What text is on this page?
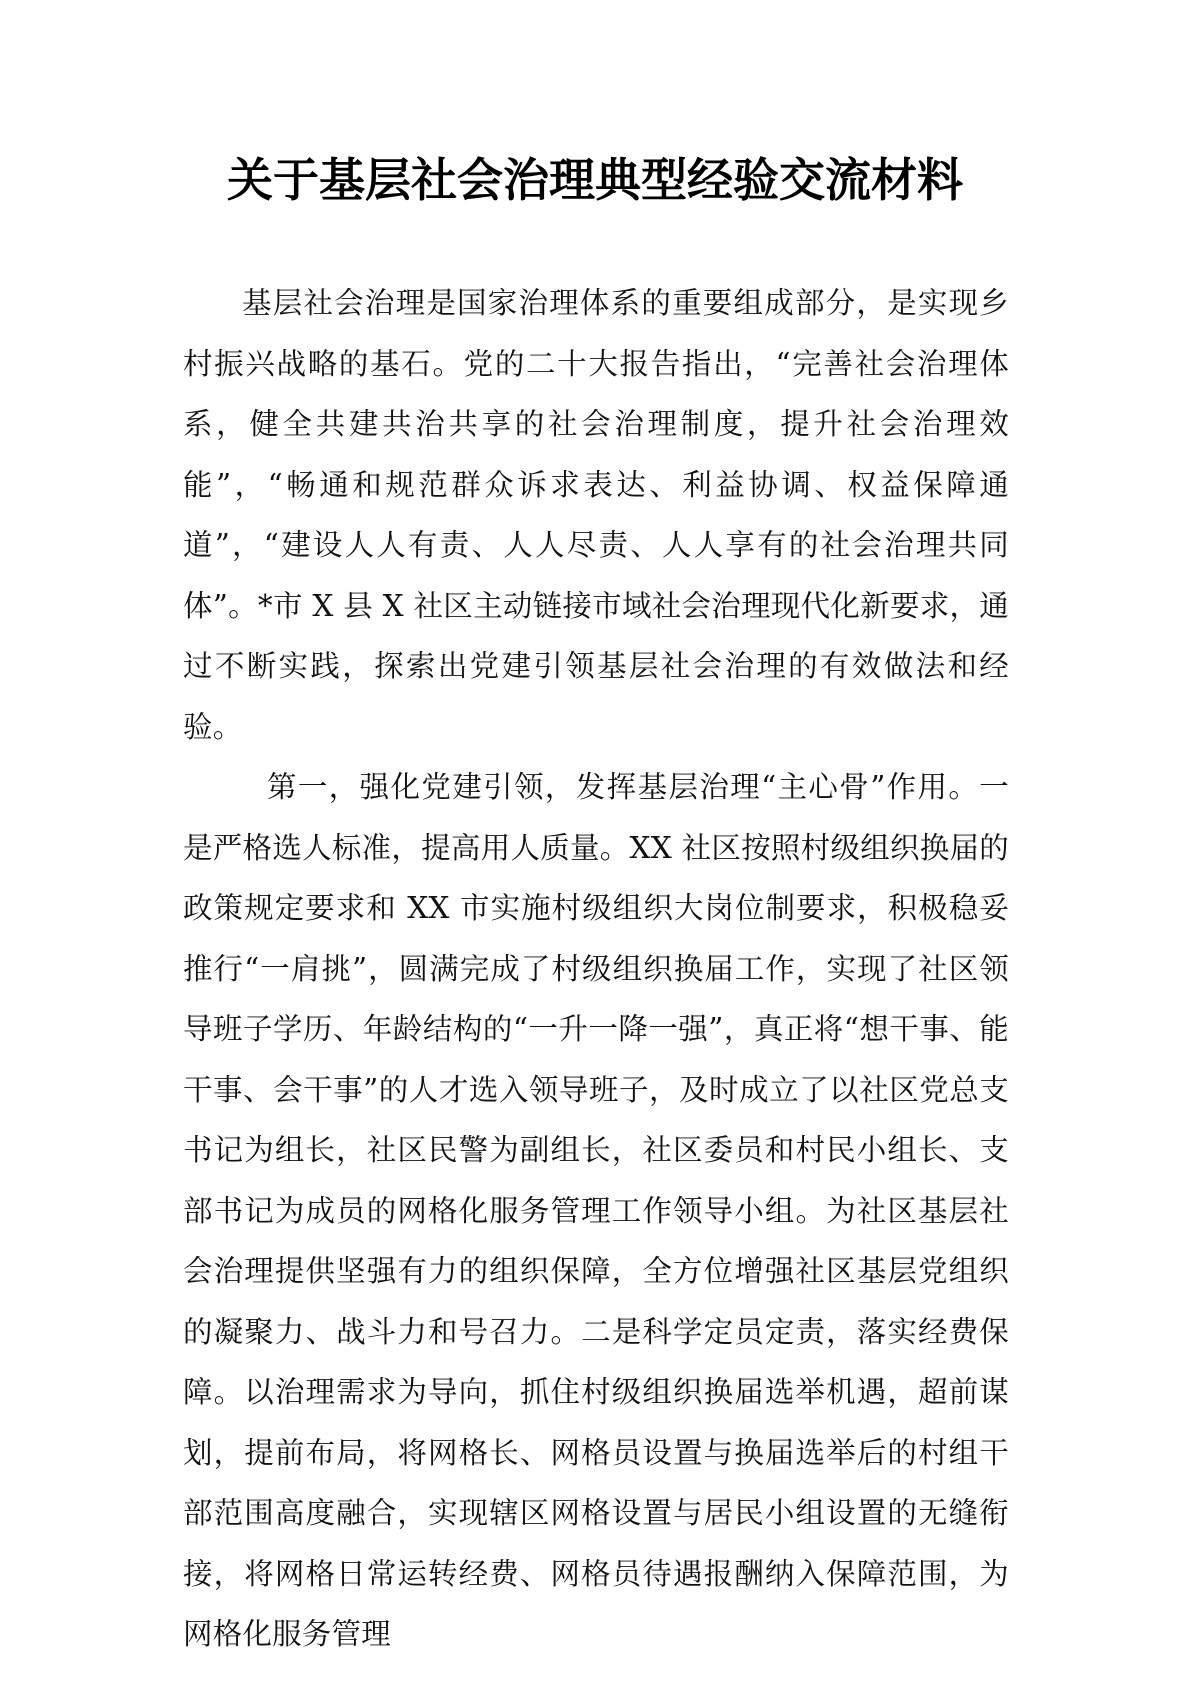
关于基层社会治理典型经验交流材料

基层社会治理是国家治理体系的重要组成部分，是实现乡村振兴战略的基石。党的二十大报告指出，“完善社会治理体系，健全共建共治共享的社会治理制度，提升社会治理效能”，“畅通和规范群众诉求表达、利益协调、权益保障通道”，“建设人人有责、人人尽责、人人享有的社会治理共同体”。*市 X 县 X 社区主动链接市域社会治理现代化新要求，通过不断实践，探索出党建引领基层社会治理的有效做法和经验。

第一，强化党建引领，发挥基层治理“主心骨”作用。一是严格选人标准，提高用人质量。XX 社区按照村级组织换届的政策规定要求和 XX 市实施村级组织大岗位制要求，积极稳妥推行“一肩挑”，圆满完成了村级组织换届工作，实现了社区领导班子学历、年龄结构的“一升一降一强”，真正将“想干事、能干事、会干事”的人才选入领导班子，及时成立了以社区党总支书记为组长，社区民警为副组长，社区委员和村民小组长、支部书记为成员的网格化服务管理工作领导小组。为社区基层社会治理提供坚强有力的组织保障，全方位增强社区基层党组织的凝聚力、战斗力和号召力。二是科学定员定责，落实经费保障。以治理需求为导向，抓住村级组织换届选举机遇，超前谋划，提前布局，将网格长、网格员设置与换届选举后的村组干部范围高度融合，实现辖区网格设置与居民小组设置的无缝衔接，将网格日常运转经费、网格员待遇报酬纳入保障范围，为网格化服务管理
